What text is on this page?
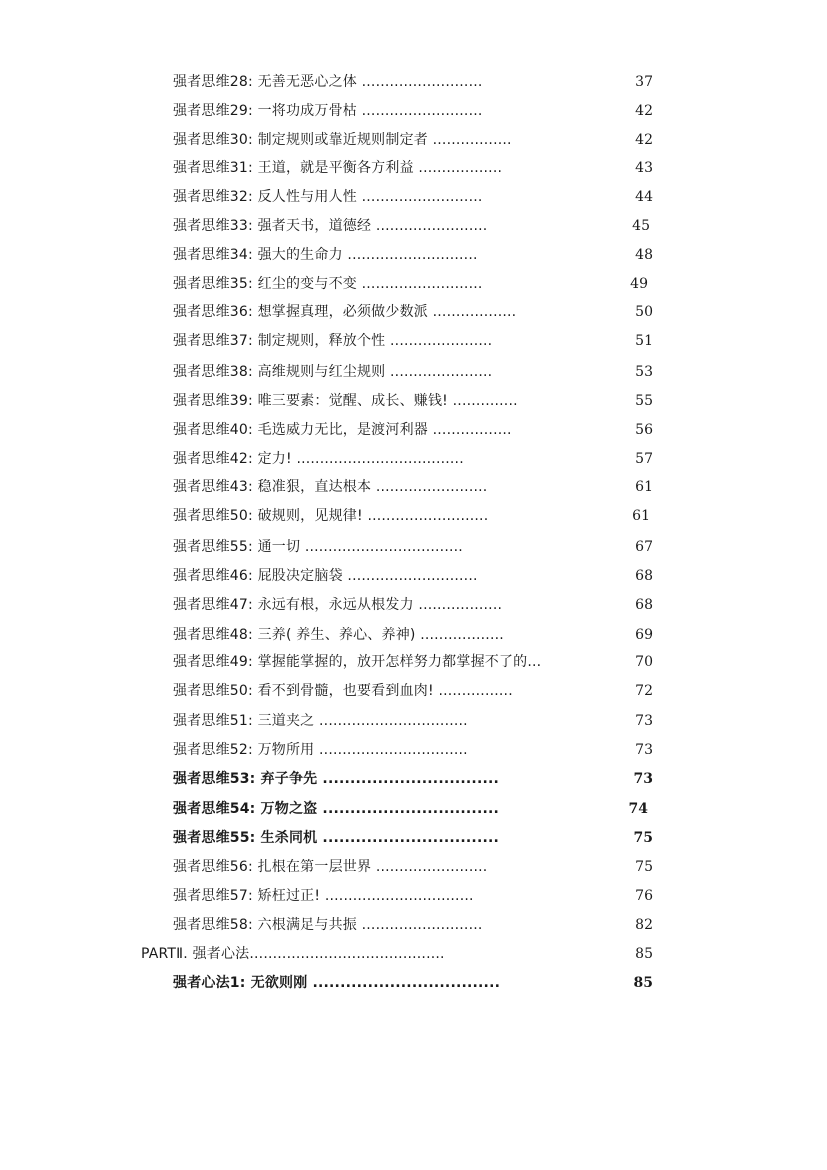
强者思维28: 无善无恶心之体 ..........................	37
强者思维29: 一将功成万骨枯 ..........................	42
强者思维30: 制定规则或靠近规则制定者 .................	42
强者思维31: 王道，就是平衡各方利益 ..................	43
强者思维32: 反人性与用人性 ..........................	44
强者思维33: 强者天书，道德经 ........................	45
强者思维34: 强大的生命力 ............................	48
强者思维35: 红尘的变与不变 ..........................	49
强者思维36: 想掌握真理，必须做少数派 ..................	50
强者思维37: 制定规则，释放个性 ......................	51
强者思维38: 高维规则与红尘规则 ......................	53
强者思维39: 唯三要素：觉醒、成长、赚钱! ..............	55
强者思维40: 毛选威力无比，是渡河利器 .................	56
强者思维42: 定力! ....................................	57
强者思维43: 稳准狠，直达根本 ........................	61
强者思维50: 破规则，见规律! ..........................	61
强者思维55: 通一切 ..................................	67
强者思维46: 屁股决定脑袋 ............................	68
强者思维47: 永远有根，永远从根发力 ..................	68
强者思维48: 三养( 养生、养心、养神) ..................	69
强者思维49: 掌握能掌握的，放开怎样努力都掌握不了的...	70
强者思维50: 看不到骨髓，也要看到血肉! ................	72
强者思维51: 三道夹之 ................................	73
强者思维52: 万物所用 ................................	73
强者思维53: 弃子争先 ................................	73
强者思维54: 万物之盗 ................................	74
强者思维55: 生杀同机 ................................	75
强者思维56: 扎根在第一层世界 ........................	75
强者思维57: 矫枉过正! ................................	76
强者思维58: 六根满足与共振 ..........................	82
PARTⅡ. 强者心法..........................................	85
强者心法1: 无欲则刚 ..................................	85
